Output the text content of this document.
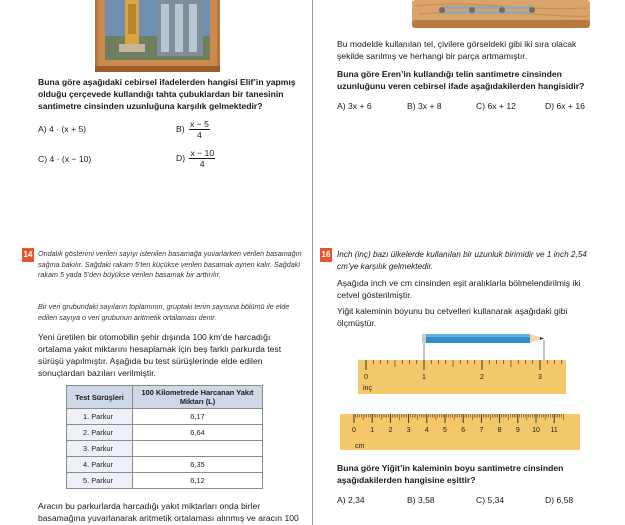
Buna göre aşağıdaki cebirsel ifadelerden hangisi Elif’in yapmış olduğu çerçevede kullandığı tahta çubuklardan bir tanesinin santimetre cinsinden uzunluğuna karşılık gelmektedir?
A) 4 · (x + 5)	$B) \frac{x - 5}{4}$
C) 4 · (x − 10)	$D) \frac{x - 10}{4}$
14 Ondalık gösterimi verilen sayıyı istenilen basamağa yuvarlarken verilen basamağın sağına bakılır. Sağdaki rakam 5’ten küçükse verilen basamak aynen kalır. Sağdaki rakam 5 yada 5’den büyükse verilen basamak bir arttırılır.
Bir veri grubundaki sayıların toplamının, gruptaki terim sayısına bölümü ile elde edilen sayıya o veri grubunun aritmetik ortalaması denir.
Yeni üretilen bir otomobilin şehir dışında 100 km’de harcadığı ortalama yakıt miktarını hesaplamak için beş farklı parkurda test sürüşü yapılmıştır. Aşağıda bu test sürüşlerinde elde edilen sonuçlardan bazıları verilmiştir.
Test Sürüşleri	100 Kilometrede Harcanan Yakıt Miktarı (L)
1. Parkur	6,17
2. Parkur	6,64
3. Parkur	
4. Parkur	6,35
5. Parkur	6,12
Aracın bu parkurlarda harcadığı yakıt miktarları onda birler basamağına yuvarlanarak aritmetik ortalaması alınmış ve aracın 100
Bu modelde kullanılan tel, çivilere görseldeki gibi iki sıra olacak şekilde sarılmış ve herhangi bir parça artmamıştır.
Buna göre Eren’in kullandığı telin santimetre cinsinden uzunluğunu veren cebirsel ifade aşağıdakilerden hangisidir?
A) 3x + 6	B) 3x + 8	C) 6x + 12	D) 6x + 16
16 İnch (inç) bazı ülkelerde kullanılan bir uzunluk birimidir ve 1 inch 2,54 cm’ye karşılık gelmektedir.
Aşağıda inch ve cm cinsinden eşit aralıklarla bölmelendirilmiş iki cetvel gösterilmiştir.
Yiğit kaleminin boyunu bu cetvelleri kullanarak aşağıdaki gibi ölçmüştür.
0	1	2	3
0 1 2 3 4 5 6 7 8 9 10 11
inç
cm
Buna göre Yiğit’in kaleminin boyu santimetre cinsinden aşağıdakilerden hangisine eşittir?
A) 2,34	B) 3,58	C) 5,34	D) 6,58
